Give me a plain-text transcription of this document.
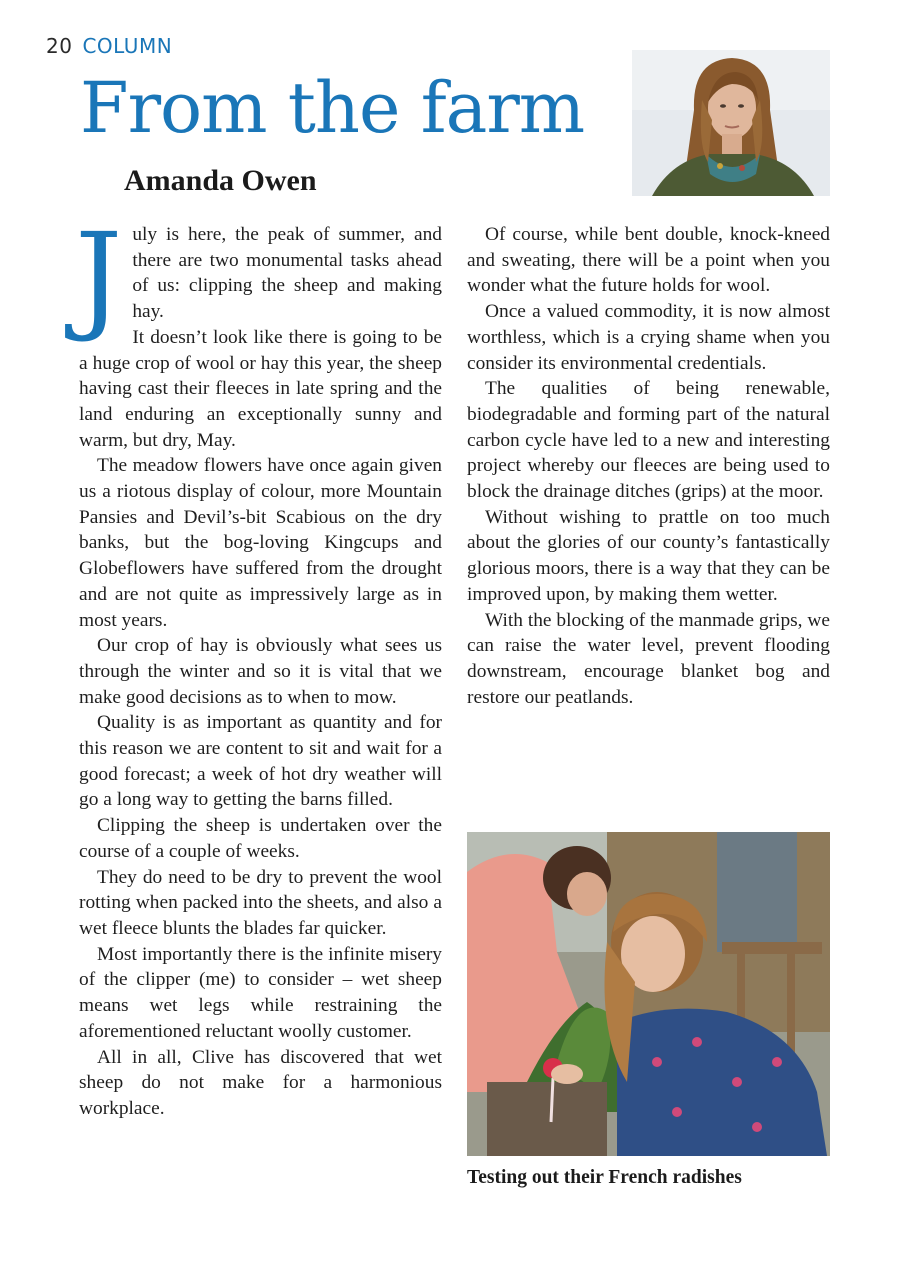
20 COLUMN
From the farm
Amanda Owen

July is here, the peak of summer, and there are two monumental tasks ahead of us: clipping the sheep and making hay.

It doesn’t look like there is going to be a huge crop of wool or hay this year, the sheep having cast their fleeces in late spring and the land enduring an exceptionally sunny and warm, but dry, May.

The meadow flowers have once again given us a riotous display of colour, more Mountain Pansies and Devil’s-bit Scabious on the dry banks, but the bog-loving Kingcups and Globeflowers have suffered from the drought and are not quite as impressively large as in most years.

Our crop of hay is obviously what sees us through the winter and so it is vital that we make good decisions as to when to mow.

Quality is as important as quantity and for this reason we are content to sit and wait for a good forecast; a week of hot dry weather will go a long way to getting the barns filled.

Clipping the sheep is undertaken over the course of a couple of weeks.

They do need to be dry to prevent the wool rotting when packed into the sheets, and also a wet fleece blunts the blades far quicker.

Most importantly there is the infinite misery of the clipper (me) to consider – wet sheep means wet legs while restraining the aforementioned reluctant woolly customer.

All in all, Clive has discovered that wet sheep do not make for a harmonious workplace.

Of course, while bent double, knock-kneed and sweating, there will be a point when you wonder what the future holds for wool.

Once a valued commodity, it is now almost worthless, which is a crying shame when you consider its environmental credentials.

The qualities of being renewable, biodegradable and forming part of the natural carbon cycle have led to a new and interesting project whereby our fleeces are being used to block the drainage ditches (grips) at the moor.

Without wishing to prattle on too much about the glories of our county’s fantastically glorious moors, there is a way that they can be improved upon, by making them wetter.

With the blocking of the manmade grips, we can raise the water level, prevent flooding downstream, encourage blanket bog and restore our peatlands.

Testing out their French radishes
